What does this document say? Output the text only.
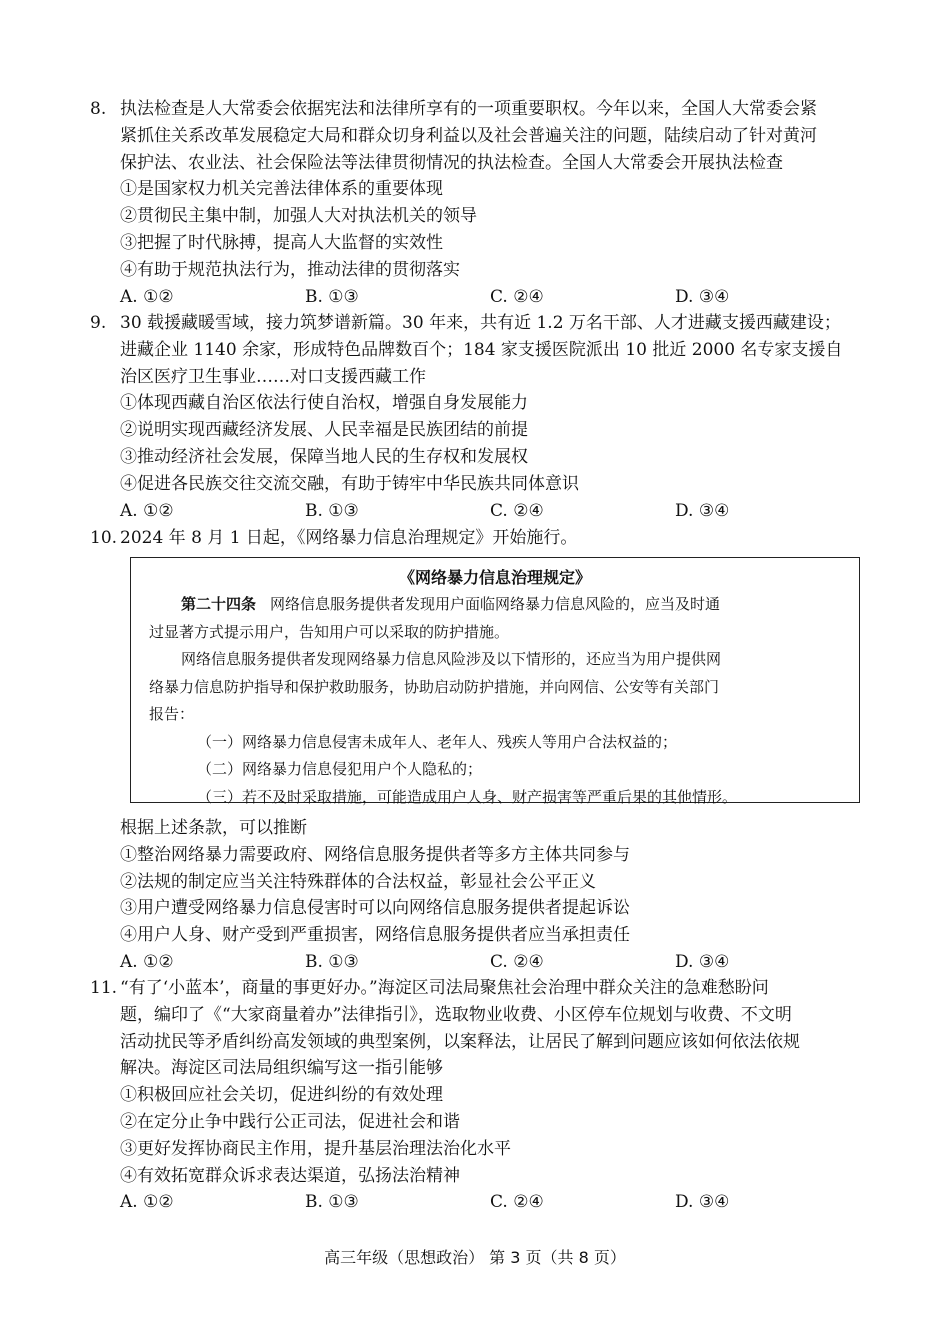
8. 执法检查是人大常委会依据宪法和法律所享有的一项重要职权。今年以来，全国人大常委会紧
紧抓住关系改革发展稳定大局和群众切身利益以及社会普遍关注的问题，陆续启动了针对黄河
保护法、农业法、社会保险法等法律贯彻情况的执法检查。全国人大常委会开展执法检查
①是国家权力机关完善法律体系的重要体现
②贯彻民主集中制，加强人大对执法机关的领导
③把握了时代脉搏，提高人大监督的实效性
④有助于规范执法行为，推动法律的贯彻落实
A. ①②	B. ①③	C. ②④	D. ③④
9. 30 载援藏暖雪域，接力筑梦谱新篇。30 年来，共有近 1.2 万名干部、人才进藏支援西藏建设；
进藏企业 1140 余家，形成特色品牌数百个；184 家支援医院派出 10 批近 2000 名专家支援自
治区医疗卫生事业……对口支援西藏工作
①体现西藏自治区依法行使自治权，增强自身发展能力
②说明实现西藏经济发展、人民幸福是民族团结的前提
③推动经济社会发展，保障当地人民的生存权和发展权
④促进各民族交往交流交融，有助于铸牢中华民族共同体意识
A. ①②	B. ①③	C. ②④	D. ③④
10. 2024 年 8 月 1 日起，《网络暴力信息治理规定》开始施行。
《网络暴力信息治理规定》
第二十四条 网络信息服务提供者发现用户面临网络暴力信息风险的，应当及时通
过显著方式提示用户，告知用户可以采取的防护措施。
网络信息服务提供者发现网络暴力信息风险涉及以下情形的，还应当为用户提供网
络暴力信息防护指导和保护救助服务，协助启动防护措施，并向网信、公安等有关部门
报告：
（一）网络暴力信息侵害未成年人、老年人、残疾人等用户合法权益的；
（二）网络暴力信息侵犯用户个人隐私的；
（三）若不及时采取措施，可能造成用户人身、财产损害等严重后果的其他情形。
根据上述条款，可以推断
①整治网络暴力需要政府、网络信息服务提供者等多方主体共同参与
②法规的制定应当关注特殊群体的合法权益，彰显社会公平正义
③用户遭受网络暴力信息侵害时可以向网络信息服务提供者提起诉讼
④用户人身、财产受到严重损害，网络信息服务提供者应当承担责任
A. ①②	B. ①③	C. ②④	D. ③④
11. “有了‘小蓝本’，商量的事更好办。”海淀区司法局聚焦社会治理中群众关注的急难愁盼问
题，编印了《“大家商量着办”法律指引》，选取物业收费、小区停车位规划与收费、不文明
活动扰民等矛盾纠纷高发领域的典型案例，以案释法，让居民了解到问题应该如何依法依规
解决。海淀区司法局组织编写这一指引能够
①积极回应社会关切，促进纠纷的有效处理
②在定分止争中践行公正司法，促进社会和谐
③更好发挥协商民主作用，提升基层治理法治化水平
④有效拓宽群众诉求表达渠道，弘扬法治精神
A. ①②	B. ①③	C. ②④	D. ③④
高三年级（思想政治） 第 3 页（共 8 页）
